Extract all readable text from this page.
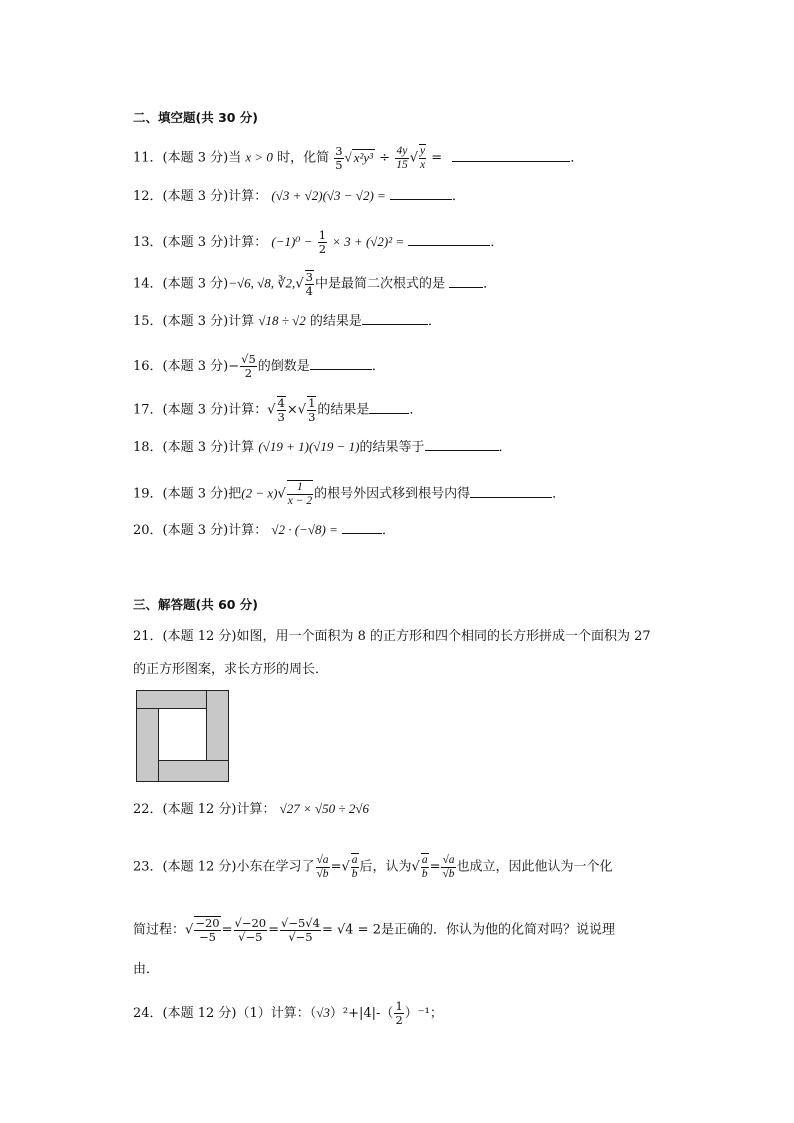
二、填空题(共 30 分)
11．(本题 3 分)当 x > 0 时，化简 $\frac{3}{5}$ √ $x^2y^3 \div \frac{4y}{15}$ √ $\frac{y}{x}$ =	．
12．(本题 3 分)计算： (√3 + √2)(√3 − √2) =	．
13．(本题 3 分)计算： $(-1)^0 - \frac{1}{2} \times 3 + (√2)^2$ =	．
14．(本题 3 分)−√6, √8, ∛2,√ $\frac{3}{4}$ 中是最简二次根式的是	．
15．(本题 3 分)计算 √18 ÷ √2 的结果是	．
16．(本题 3 分)− $\frac{√5}{2}$ 的倒数是	．
17．(本题 3 分)计算：√ $\frac{4}{3}$ ×√ $\frac{1}{3}$ 的结果是	．
18．(本题 3 分)计算 (√19 + 1)(√19 − 1)的结果等于	．
19．(本题 3 分)把$(2 - x)√ \frac{1}{x - 2}$ 的根号外因式移到根号内得	．
20．(本题 3 分)计算： √2 · (−√8) =	．
三、解答题(共 60 分)
21．(本题 12 分)如图，用一个面积为 8 的正方形和四个相同的长方形拼成一个面积为 27
的正方形图案，求长方形的周长．
22．(本题 12 分)计算： √27 × √50 ÷ 2√6
23．(本题 12 分)小东在学习了 $\frac{√a}{√b}$ =√ $\frac{a}{b}$ 后，认为√ $\frac{a}{b} = \frac{√a}{√b}$ 也成立，因此他认为一个化
简过程：√ $\frac{-20}{-5} = \frac{√-20}{√-5} = \frac{√-5√4}{√-5} = √4 = 2$是正确的．你认为他的化简对吗？说说理
由．
24．(本题 12 分)（1）计算：$(√3)^2+|4|-( \frac{1}{2} )^{-1}$；
